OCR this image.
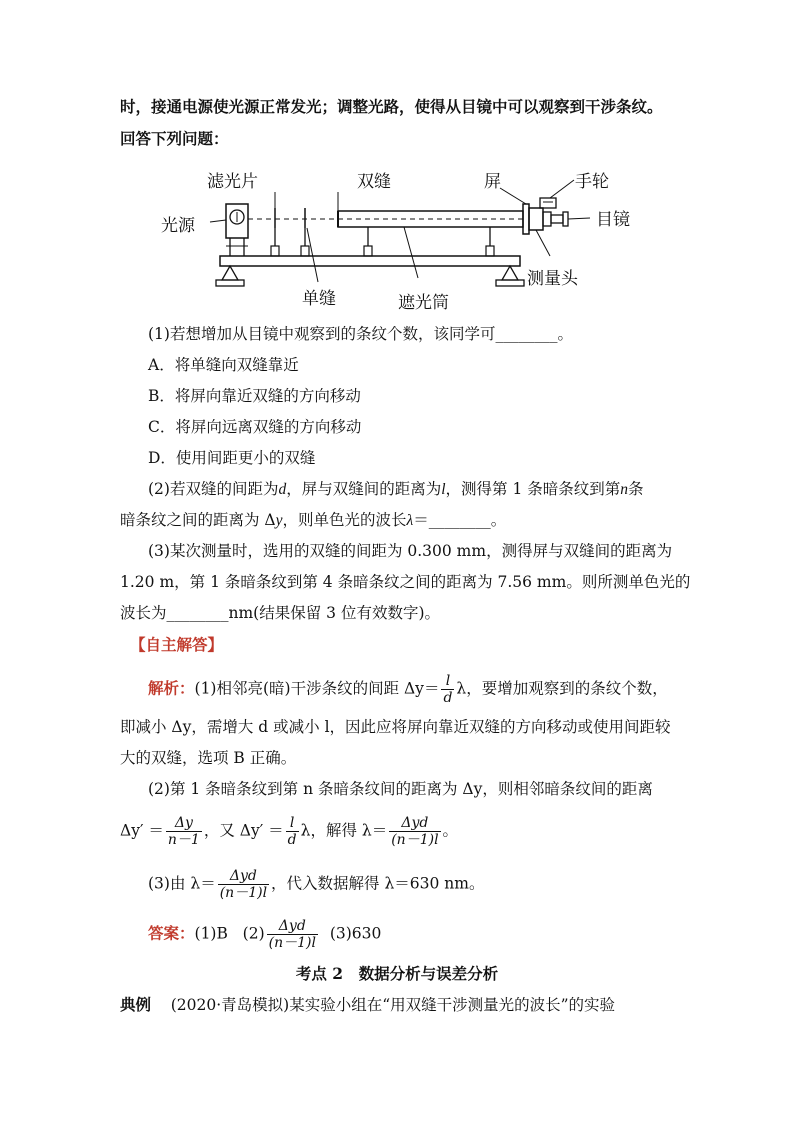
时，接通电源使光源正常发光；调整光路，使得从目镜中可以观察到干涉条纹。
回答下列问题：
滤光片	双缝	屏	手轮
光源	目镜
测量头
单缝	遮光筒
(1)若想增加从目镜中观察到的条纹个数，该同学可________。
A．将单缝向双缝靠近
B．将屏向靠近双缝的方向移动
C．将屏向远离双缝的方向移动
D．使用间距更小的双缝
(2)若双缝的间距为d，屏与双缝间的距离为l，测得第 1 条暗条纹到第n条
暗条纹之间的距离为 Δy，则单色光的波长λ＝________。
(3)某次测量时，选用的双缝的间距为 0.300 mm，测得屏与双缝间的距离为
1.20 m，第 1 条暗条纹到第 4 条暗条纹之间的距离为 7.56 mm。则所测单色光的
波长为________nm(结果保留 3 位有效数字)。
【自主解答】
解析：(1)相邻亮(暗)干涉条纹的间距 $\Delta y= \frac{l}{d}$ λ，要增加观察到的条纹个数，
即减小 Δy，需增大 d 或减小 l，因此应将屏向靠近双缝的方向移动或使用间距较
大的双缝，选项 B 正确。
(2)第 1 条暗条纹到第 n 条暗条纹间的距离为 Δy，则相邻暗条纹间的距离
$\Delta y' = \frac{\Delta y}{n-1}$ ，又 $\Delta y' = \frac{l}{d}$ λ，解得 $\lambda= \frac{\text{Δyd}}{(n-1)l}$ 。
(3)由 $\lambda= \frac{\text{Δyd}}{(n-1)l}$ ，代入数据解得 λ＝630 nm。
答案：(1)B $(2) \frac{\text{Δyd}}{(n-1)l} (3)630$
考点 2　数据分析与误差分析
典例 (2020·青岛模拟)某实验小组在“用双缝干涉测量光的波长”的实验
